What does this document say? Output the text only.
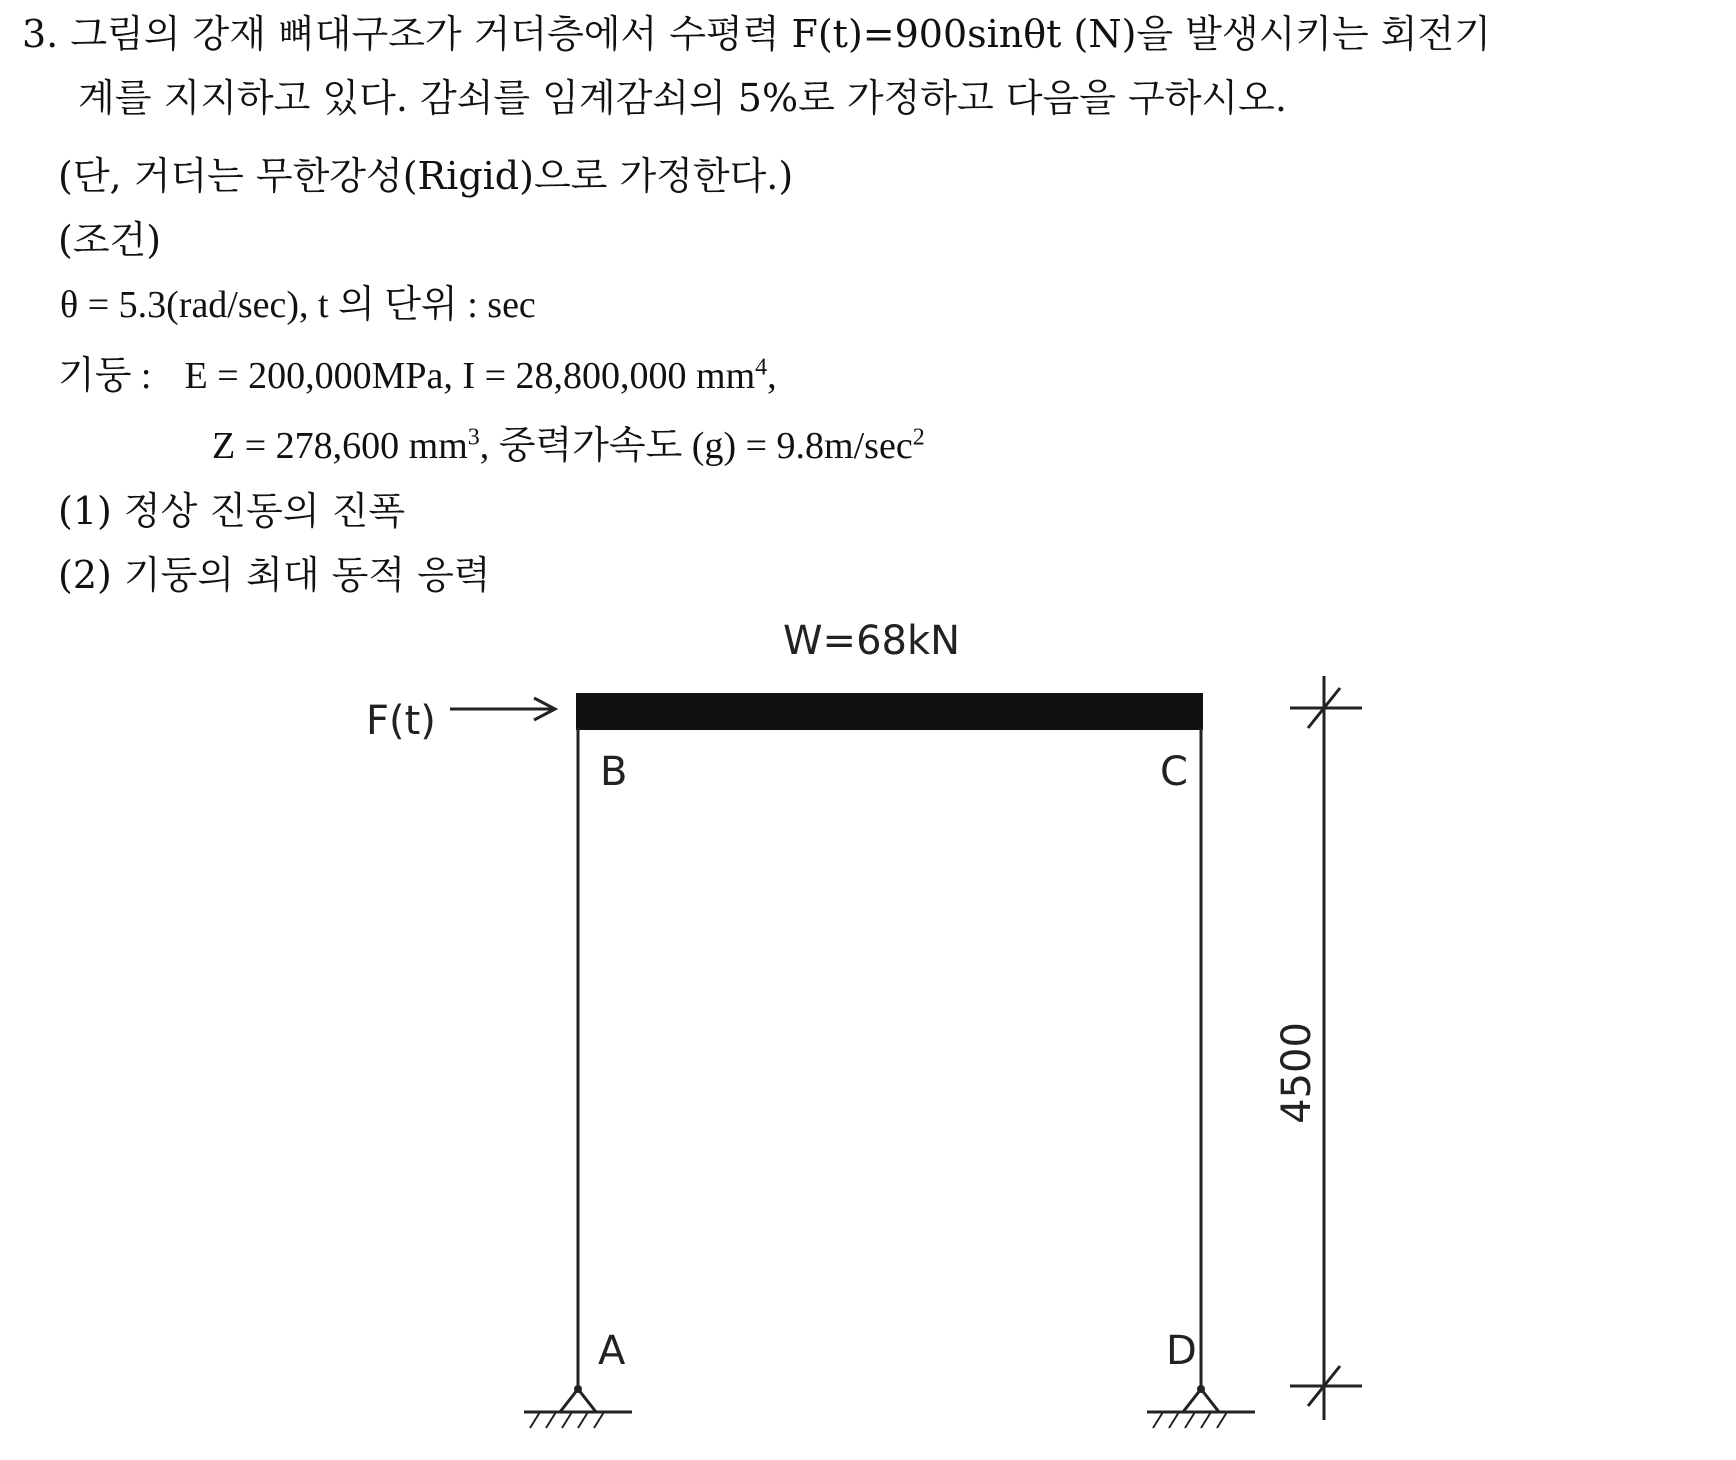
3. 그림의 강재 뼈대구조가 거더층에서 수평력 F(t)=900sinθt (N)을 발생시키는 회전기
계를 지지하고 있다. 감쇠를 임계감쇠의 5%로 가정하고 다음을 구하시오.
(단, 거더는 무한강성(Rigid)으로 가정한다.)
(조건)
θ = 5.3(rad/sec), t 의 단위 : sec
기둥 : E = 200,000MPa, I = 28,800,000 $mm^4$,
Z = 278,600 $mm^3$, 중력가속도 $(g) = 9.8m/\sec^2$
(1) 정상 진동의 진폭
(2) 기둥의 최대 동적 응력
W=68kN
F(t)
B	C
A	D
4500
